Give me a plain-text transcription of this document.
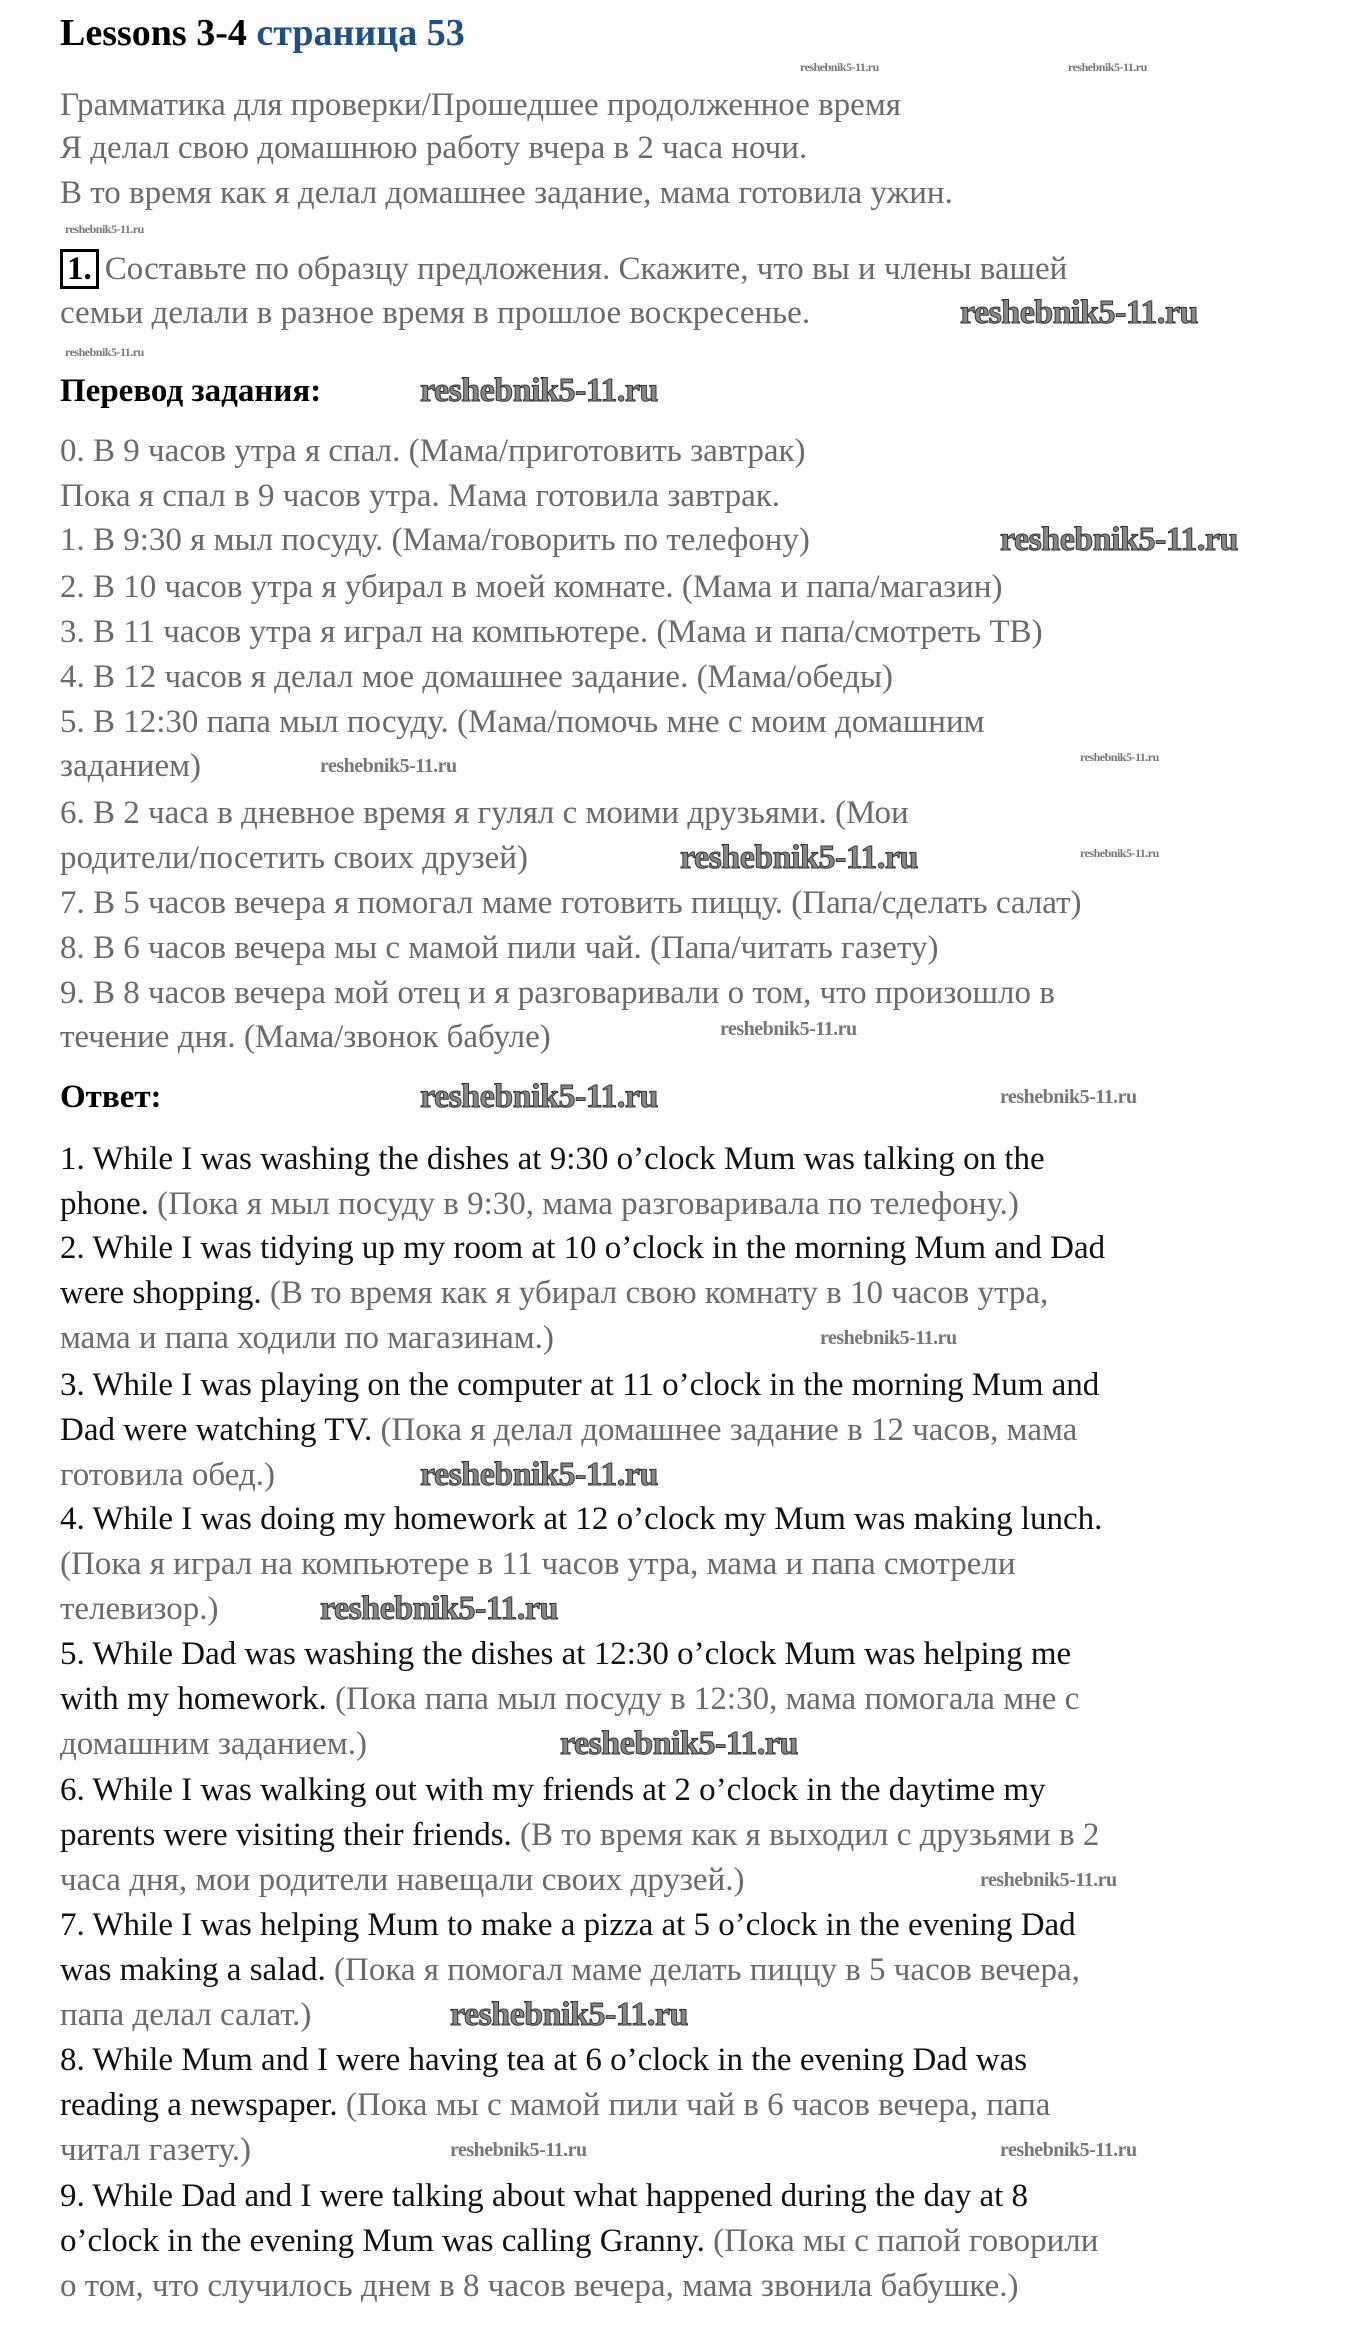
Lessons 3-4 страница 53
Грамматика для проверки/Прошедшее продолженное время
Я делал свою домашнюю работу вчера в 2 часа ночи.
В то время как я делал домашнее задание, мама готовила ужин.
1. Составьте по образцу предложения. Скажите, что вы и члены вашей
семьи делали в разное время в прошлое воскресенье.
Перевод задания:
0. В 9 часов утра я спал. (Мама/приготовить завтрак)
Пока я спал в 9 часов утра. Мама готовила завтрак.
1. В 9:30 я мыл посуду. (Мама/говорить по телефону)
2. В 10 часов утра я убирал в моей комнате. (Мама и папа/магазин)
3. В 11 часов утра я играл на компьютере. (Мама и папа/смотреть ТВ)
4. В 12 часов я делал мое домашнее задание. (Мама/обеды)
5. В 12:30 папа мыл посуду. (Мама/помочь мне с моим домашним
заданием)
6. В 2 часа в дневное время я гулял с моими друзьями. (Мои
родители/посетить своих друзей)
7. В 5 часов вечера я помогал маме готовить пиццу. (Папа/сделать салат)
8. В 6 часов вечера мы с мамой пили чай. (Папа/читать газету)
9. В 8 часов вечера мой отец и я разговаривали о том, что произошло в
течение дня. (Мама/звонок бабуле)
Ответ:
1. While I was washing the dishes at 9:30 o’clock Mum was talking on the
phone. (Пока я мыл посуду в 9:30, мама разговаривала по телефону.)
2. While I was tidying up my room at 10 o’clock in the morning Mum and Dad
were shopping. (В то время как я убирал свою комнату в 10 часов утра,
мама и папа ходили по магазинам.)
3. While I was playing on the computer at 11 o’clock in the morning Mum and
Dad were watching TV. (Пока я делал домашнее задание в 12 часов, мама
готовила обед.)
4. While I was doing my homework at 12 o’clock my Mum was making lunch.
(Пока я играл на компьютере в 11 часов утра, мама и папа смотрели
телевизор.)
5. While Dad was washing the dishes at 12:30 o’clock Mum was helping me
with my homework. (Пока папа мыл посуду в 12:30, мама помогала мне с
домашним заданием.)
6. While I was walking out with my friends at 2 o’clock in the daytime my
parents were visiting their friends. (В то время как я выходил с друзьями в 2
часа дня, мои родители навещали своих друзей.)
7. While I was helping Mum to make a pizza at 5 o’clock in the evening Dad
was making a salad. (Пока я помогал маме делать пиццу в 5 часов вечера,
папа делал салат.)
8. While Mum and I were having tea at 6 o’clock in the evening Dad was
reading a newspaper. (Пока мы с мамой пили чай в 6 часов вечера, папа
читал газету.)
9. While Dad and I were talking about what happened during the day at 8
o’clock in the evening Mum was calling Granny. (Пока мы с папой говорили
о том, что случилось днем в 8 часов вечера, мама звонила бабушке.)
reshebnik5-11.ru	reshebnik5-11.ru
reshebnik5-11.ru
reshebnik5-11.ru
reshebnik5-11.ru
reshebnik5-11.ru
reshebnik5-11.ru
reshebnik5-11.ru	reshebnik5-11.ru
reshebnik5-11.ru	reshebnik5-11.ru
reshebnik5-11.ru
reshebnik5-11.ru	reshebnik5-11.ru
reshebnik5-11.ru
reshebnik5-11.ru
reshebnik5-11.ru
reshebnik5-11.ru
reshebnik5-11.ru
reshebnik5-11.ru
reshebnik5-11.ru	reshebnik5-11.ru
